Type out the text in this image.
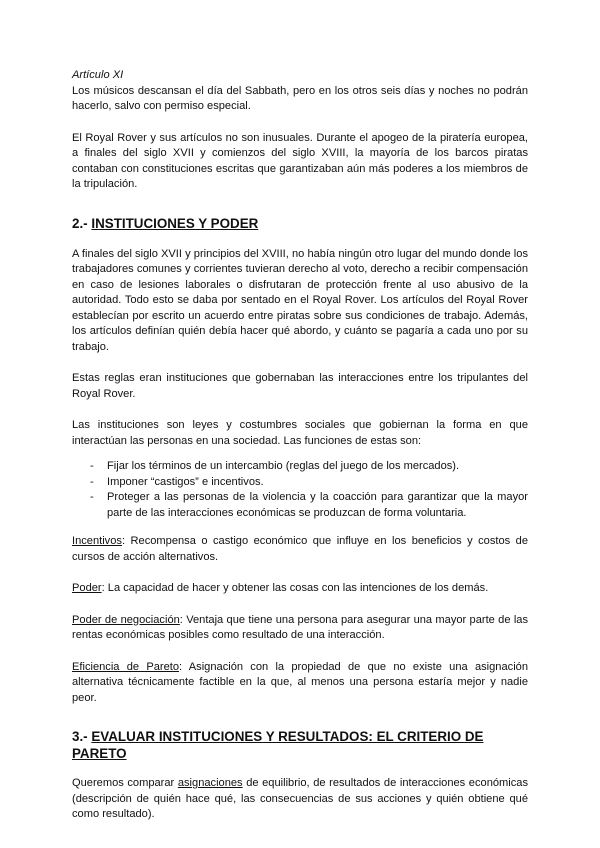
Artículo XI

Los músicos descansan el día del Sabbath, pero en los otros seis días y noches no podrán hacerlo, salvo con permiso especial.

El Royal Rover y sus artículos no son inusuales. Durante el apogeo de la piratería europea, a finales del siglo XVII y comienzos del siglo XVIII, la mayoría de los barcos piratas contaban con constituciones escritas que garantizaban aún más poderes a los miembros de la tripulación.

2.- INSTITUCIONES Y PODER

A finales del siglo XVII y principios del XVIII, no había ningún otro lugar del mundo donde los trabajadores comunes y corrientes tuvieran derecho al voto, derecho a recibir compensación en caso de lesiones laborales o disfrutaran de protección frente al uso abusivo de la autoridad. Todo esto se daba por sentado en el Royal Rover. Los artículos del Royal Rover establecían por escrito un acuerdo entre piratas sobre sus condiciones de trabajo. Además, los artículos definían quién debía hacer qué abordo, y cuánto se pagaría a cada uno por su trabajo.

Estas reglas eran instituciones que gobernaban las interacciones entre los tripulantes del Royal Rover.

Las instituciones son leyes y costumbres sociales que gobiernan la forma en que interactúan las personas en una sociedad. Las funciones de estas son:

- Fijar los términos de un intercambio (reglas del juego de los mercados).
- Imponer “castigos” e incentivos.
- Proteger a las personas de la violencia y la coacción para garantizar que la mayor parte de las interacciones económicas se produzcan de forma voluntaria.

Incentivos: Recompensa o castigo económico que influye en los beneficios y costos de cursos de acción alternativos.

Poder: La capacidad de hacer y obtener las cosas con las intenciones de los demás.

Poder de negociación: Ventaja que tiene una persona para asegurar una mayor parte de las rentas económicas posibles como resultado de una interacción.

Eficiencia de Pareto: Asignación con la propiedad de que no existe una asignación alternativa técnicamente factible en la que, al menos una persona estaría mejor y nadie peor.

3.- EVALUAR INSTITUCIONES Y RESULTADOS: EL CRITERIO DE PARETO

Queremos comparar asignaciones de equilibrio, de resultados de interacciones económicas (descripción de quién hace qué, las consecuencias de sus acciones y quién obtiene qué como resultado).
